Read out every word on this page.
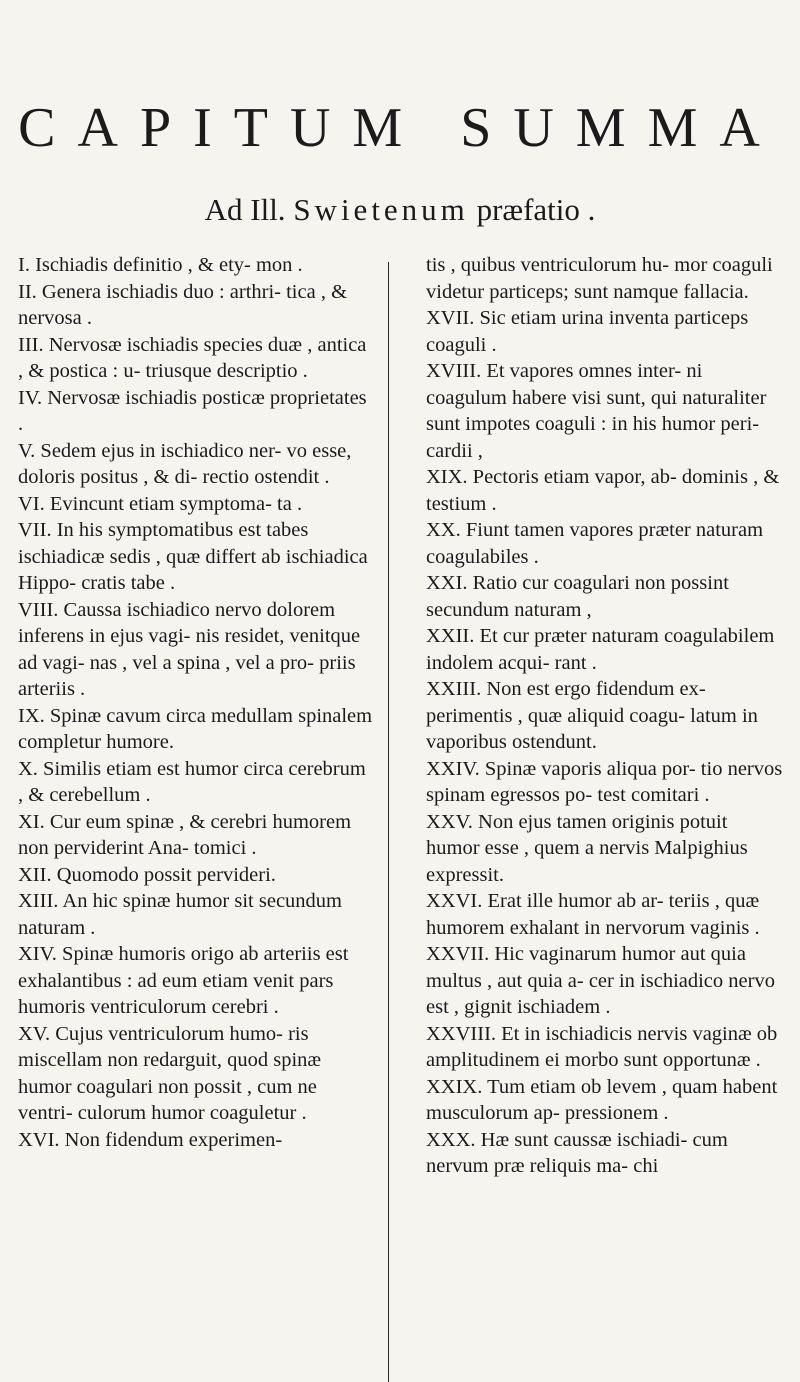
CAPITUM SUMMA

Ad Ill. Swietenum præfatio .

I. Ischiadis definitio , & ety- mon .

II. Genera ischiadis duo : arthri- tica , & nervosa .

III. Nervosæ ischiadis species duæ , antica , & postica : u- triusque descriptio .

IV. Nervosæ ischiadis posticæ proprietates .

V. Sedem ejus in ischiadico ner- vo esse, doloris positus , & di- rectio ostendit .

VI. Evincunt etiam symptoma- ta .

VII. In his symptomatibus est tabes ischiadicæ sedis , quæ differt ab ischiadica Hippo- cratis tabe .

VIII. Caussa ischiadico nervo dolorem inferens in ejus vagi- nis residet, venitque ad vagi- nas , vel a spina , vel a pro- priis arteriis .

IX. Spinæ cavum circa medullam spinalem completur humore.

X. Similis etiam est humor circa cerebrum , & cerebellum .

XI. Cur eum spinæ , & cerebri humorem non perviderint Ana- tomici .

XII. Quomodo possit pervideri.

XIII. An hic spinæ humor sit secundum naturam .

XIV. Spinæ humoris origo ab arteriis est exhalantibus : ad eum etiam venit pars humoris ventriculorum cerebri .

XV. Cujus ventriculorum humo- ris miscellam non redarguit, quod spinæ humor coagulari non possit , cum ne ventri- culorum humor coaguletur .

XVI. Non fidendum experimen-

tis , quibus ventriculorum hu- mor coaguli videtur particeps; sunt namque fallacia.

XVII. Sic etiam urina inventa particeps coaguli .

XVIII. Et vapores omnes inter- ni coagulum habere visi sunt, qui naturaliter sunt impotes coaguli : in his humor peri- cardii ,

XIX. Pectoris etiam vapor, ab- dominis , & testium .

XX. Fiunt tamen vapores præter naturam coagulabiles .

XXI. Ratio cur coagulari non possint secundum naturam ,

XXII. Et cur præter naturam coagulabilem indolem acqui- rant .

XXIII. Non est ergo fidendum ex- perimentis , quæ aliquid coagu- latum in vaporibus ostendunt.

XXIV. Spinæ vaporis aliqua por- tio nervos spinam egressos po- test comitari .

XXV. Non ejus tamen originis potuit humor esse , quem a nervis Malpighius expressit.

XXVI. Erat ille humor ab ar- teriis , quæ humorem exhalant in nervorum vaginis .

XXVII. Hic vaginarum humor aut quia multus , aut quia a- cer in ischiadico nervo est , gignit ischiadem .

XXVIII. Et in ischiadicis nervis vaginæ ob amplitudinem ei morbo sunt opportunæ .

XXIX. Tum etiam ob levem , quam habent musculorum ap- pressionem .

XXX. Hæ sunt caussæ ischiadi- cum nervum præ reliquis ma- chi
